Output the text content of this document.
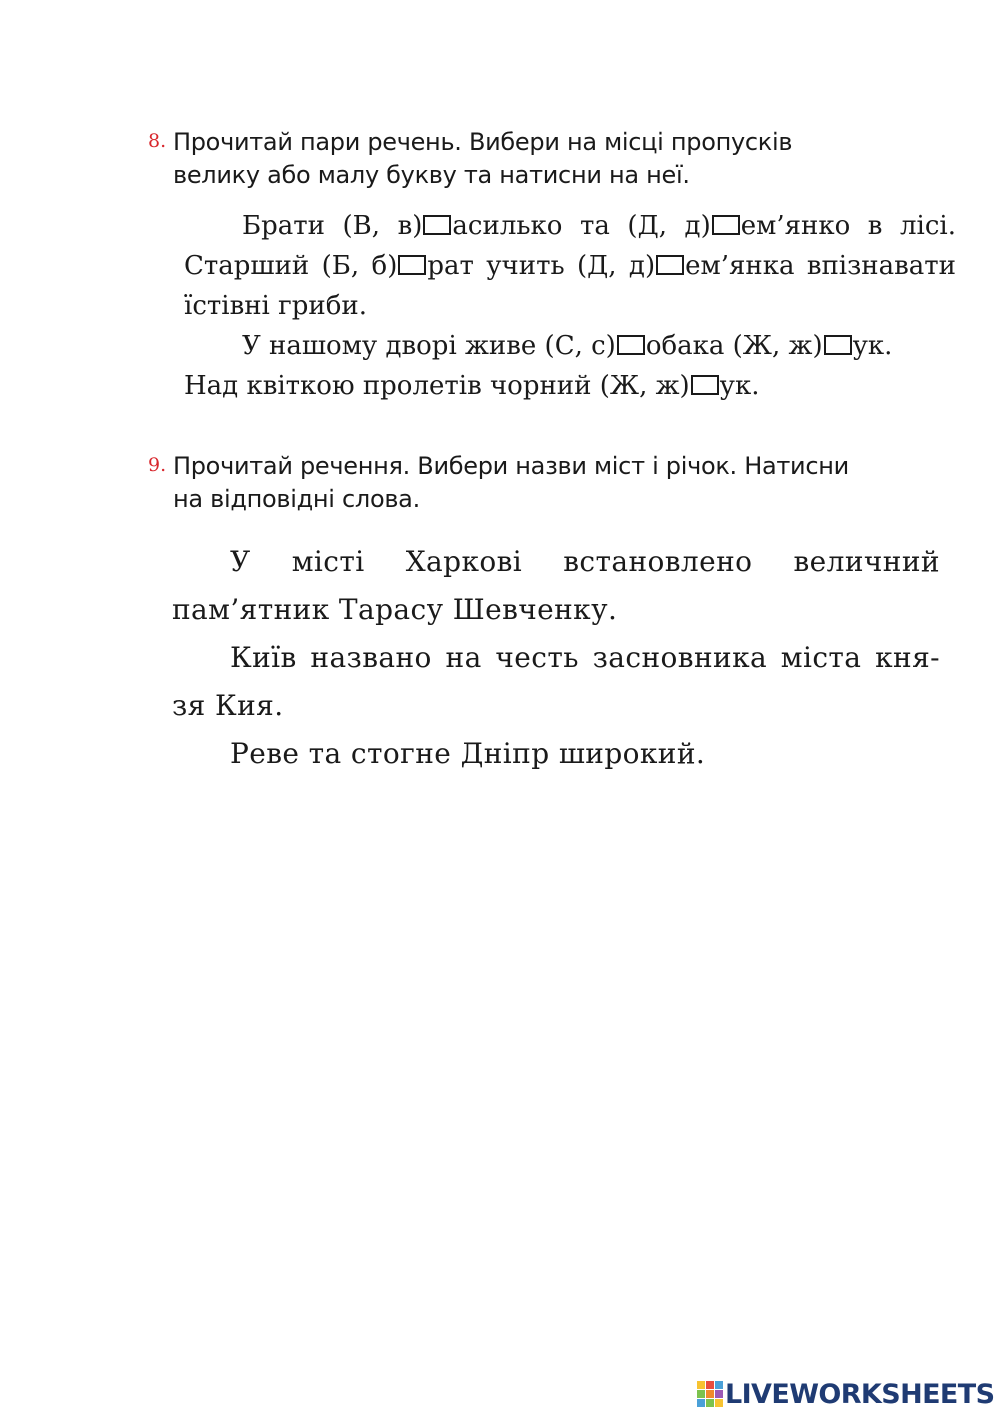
8. Прочитай пари речень. Вибери на місці пропусків
велику або малу букву та натисни на неї.
Брати (В, в) асилько та (Д, д) ем’янко в лісі. Старший (Б, б) рат учить (Д, д) ем’янка впізнавати їстівні гриби.
У нашому дворі живе (С, с) обака (Ж, ж) ук.
Над квіткою пролетів чорний (Ж, ж) ук.
9. Прочитай речення. Вибери назви міст і річок. Натисни
на відповідні слова.
У місті Харкові встановлено величний пам’ятник Тарасу Шевченку.
Київ названо на честь засновника міста кня-зя Кия.
Реве та стогне Дніпр широкий.
LIVEWORKSHEETS
